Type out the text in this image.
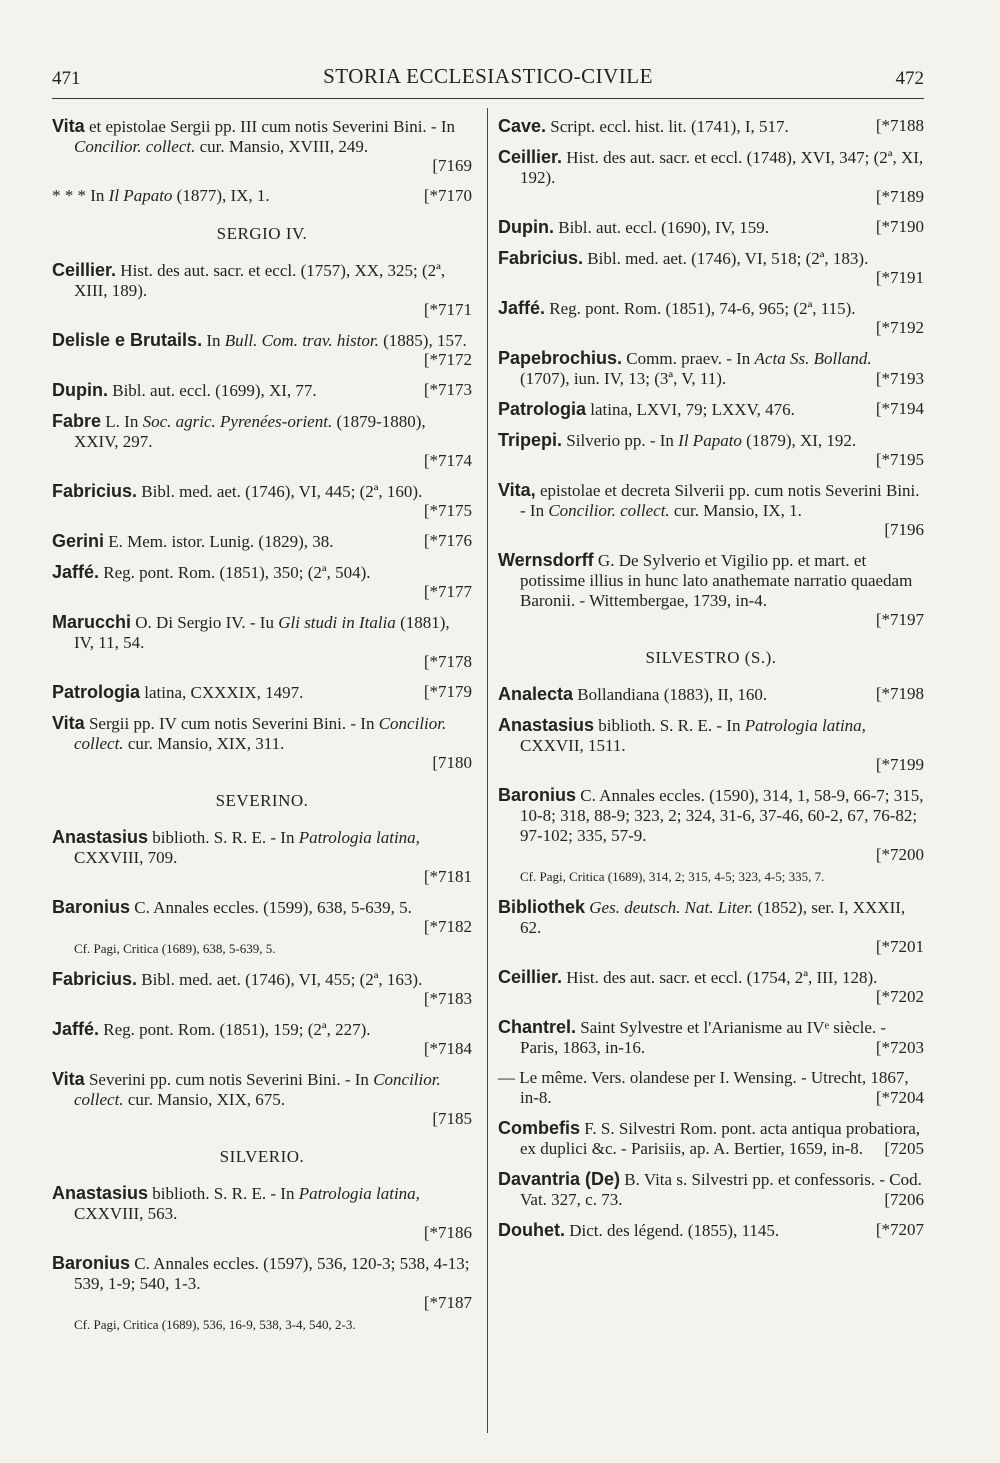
471	STORIA ECCLESIASTICO-CIVILE	472
Vita et epistolae Sergii pp. III cum notis Severini Bini. - In Concilior. collect. cur. Mansio, XVIII, 249.
[7169
* * * In Il Papato (1877), IX, 1.	[*7170
SERGIO IV.
Ceillier. Hist. des aut. sacr. et eccl. (1757), XX, 325; (2ª, XIII, 189).
[*7171
Delisle e Brutails. In Bull. Com. trav. histor. (1885), 157.
[*7172
Dupin. Bibl. aut. eccl. (1699), XI, 77.	[*7173
Fabre L. In Soc. agric. Pyrenées-orient. (1879-1880), XXIV, 297.
[*7174
Fabricius. Bibl. med. aet. (1746), VI, 445; (2ª, 160).
[*7175
Gerini E. Mem. istor. Lunig. (1829), 38.	[*7176
Jaffé. Reg. pont. Rom. (1851), 350; (2ª, 504).
[*7177
Marucchi O. Di Sergio IV. - Iu Gli studi in Italia (1881), IV, 11, 54.
[*7178
Patrologia latina, CXXXIX, 1497.	[*7179
Vita Sergii pp. IV cum notis Severini Bini. - In Concilior. collect. cur. Mansio, XIX, 311.
[7180
SEVERINO.
Anastasius biblioth. S. R. E. - In Patrologia latina, CXXVIII, 709.
[*7181
Baronius C. Annales eccles. (1599), 638, 5-639, 5.
[*7182
Cf. Pagi, Critica (1689), 638, 5-639, 5.
Fabricius. Bibl. med. aet. (1746), VI, 455; (2ª, 163).
[*7183
Jaffé. Reg. pont. Rom. (1851), 159; (2ª, 227).
[*7184
Vita Severini pp. cum notis Severini Bini. - In Concilior. collect. cur. Mansio, XIX, 675.
[7185
SILVERIO.
Anastasius biblioth. S. R. E. - In Patrologia latina, CXXVIII, 563.
[*7186
Baronius C. Annales eccles. (1597), 536, 120-3; 538, 4-13; 539, 1-9; 540, 1-3.
[*7187
Cf. Pagi, Critica (1689), 536, 16-9, 538, 3-4, 540, 2-3.
Cave. Script. eccl. hist. lit. (1741), I, 517.	[*7188
Ceillier. Hist. des aut. sacr. et eccl. (1748), XVI, 347; (2ª, XI, 192).
[*7189
Dupin. Bibl. aut. eccl. (1690), IV, 159.	[*7190
Fabricius. Bibl. med. aet. (1746), VI, 518; (2ª, 183).
[*7191
Jaffé. Reg. pont. Rom. (1851), 74-6, 965; (2ª, 115).
[*7192
Papebrochius. Comm. praev. - In Acta Ss. Bolland. (1707), iun. IV, 13; (3ª, V, 11).	[*7193
Patrologia latina, LXVI, 79; LXXV, 476.	[*7194
Tripepi. Silverio pp. - In Il Papato (1879), XI, 192.
[*7195
Vita, epistolae et decreta Silverii pp. cum notis Severini Bini. - In Concilior. collect. cur. Mansio, IX, 1.
[7196
Wernsdorff G. De Sylverio et Vigilio pp. et mart. et potissime illius in hunc lato anathemate narratio quaedam Baronii. - Wittembergae, 1739, in-4.
[*7197
SILVESTRO (S.).
Analecta Bollandiana (1883), II, 160.	[*7198
Anastasius biblioth. S. R. E. - In Patrologia latina, CXXVII, 1511.
[*7199
Baronius C. Annales eccles. (1590), 314, 1, 58-9, 66-7; 315, 10-8; 318, 88-9; 323, 2; 324, 31-6, 37-46, 60-2, 67, 76-82; 97-102; 335, 57-9.
[*7200
Cf. Pagi, Critica (1689), 314, 2; 315, 4-5; 323, 4-5; 335, 7.
Bibliothek Ges. deutsch. Nat. Liter. (1852), ser. I, XXXII, 62.
[*7201
Ceillier. Hist. des aut. sacr. et eccl. (1754, 2ª, III, 128).
[*7202
Chantrel. Saint Sylvestre et l'Arianisme au IVᵉ siècle. - Paris, 1863, in-16.	[*7203
— Le même. Vers. olandese per I. Wensing. - Utrecht, 1867, in-8.	[*7204
Combefis F. S. Silvestri Rom. pont. acta antiqua probatiora, ex duplici &c. - Parisiis, ap. A. Bertier, 1659, in-8. [7205
Davantria (De) B. Vita s. Silvestri pp. et confessoris. - Cod. Vat. 327, c. 73.	[7206
Douhet. Dict. des légend. (1855), 1145.	[*7207
